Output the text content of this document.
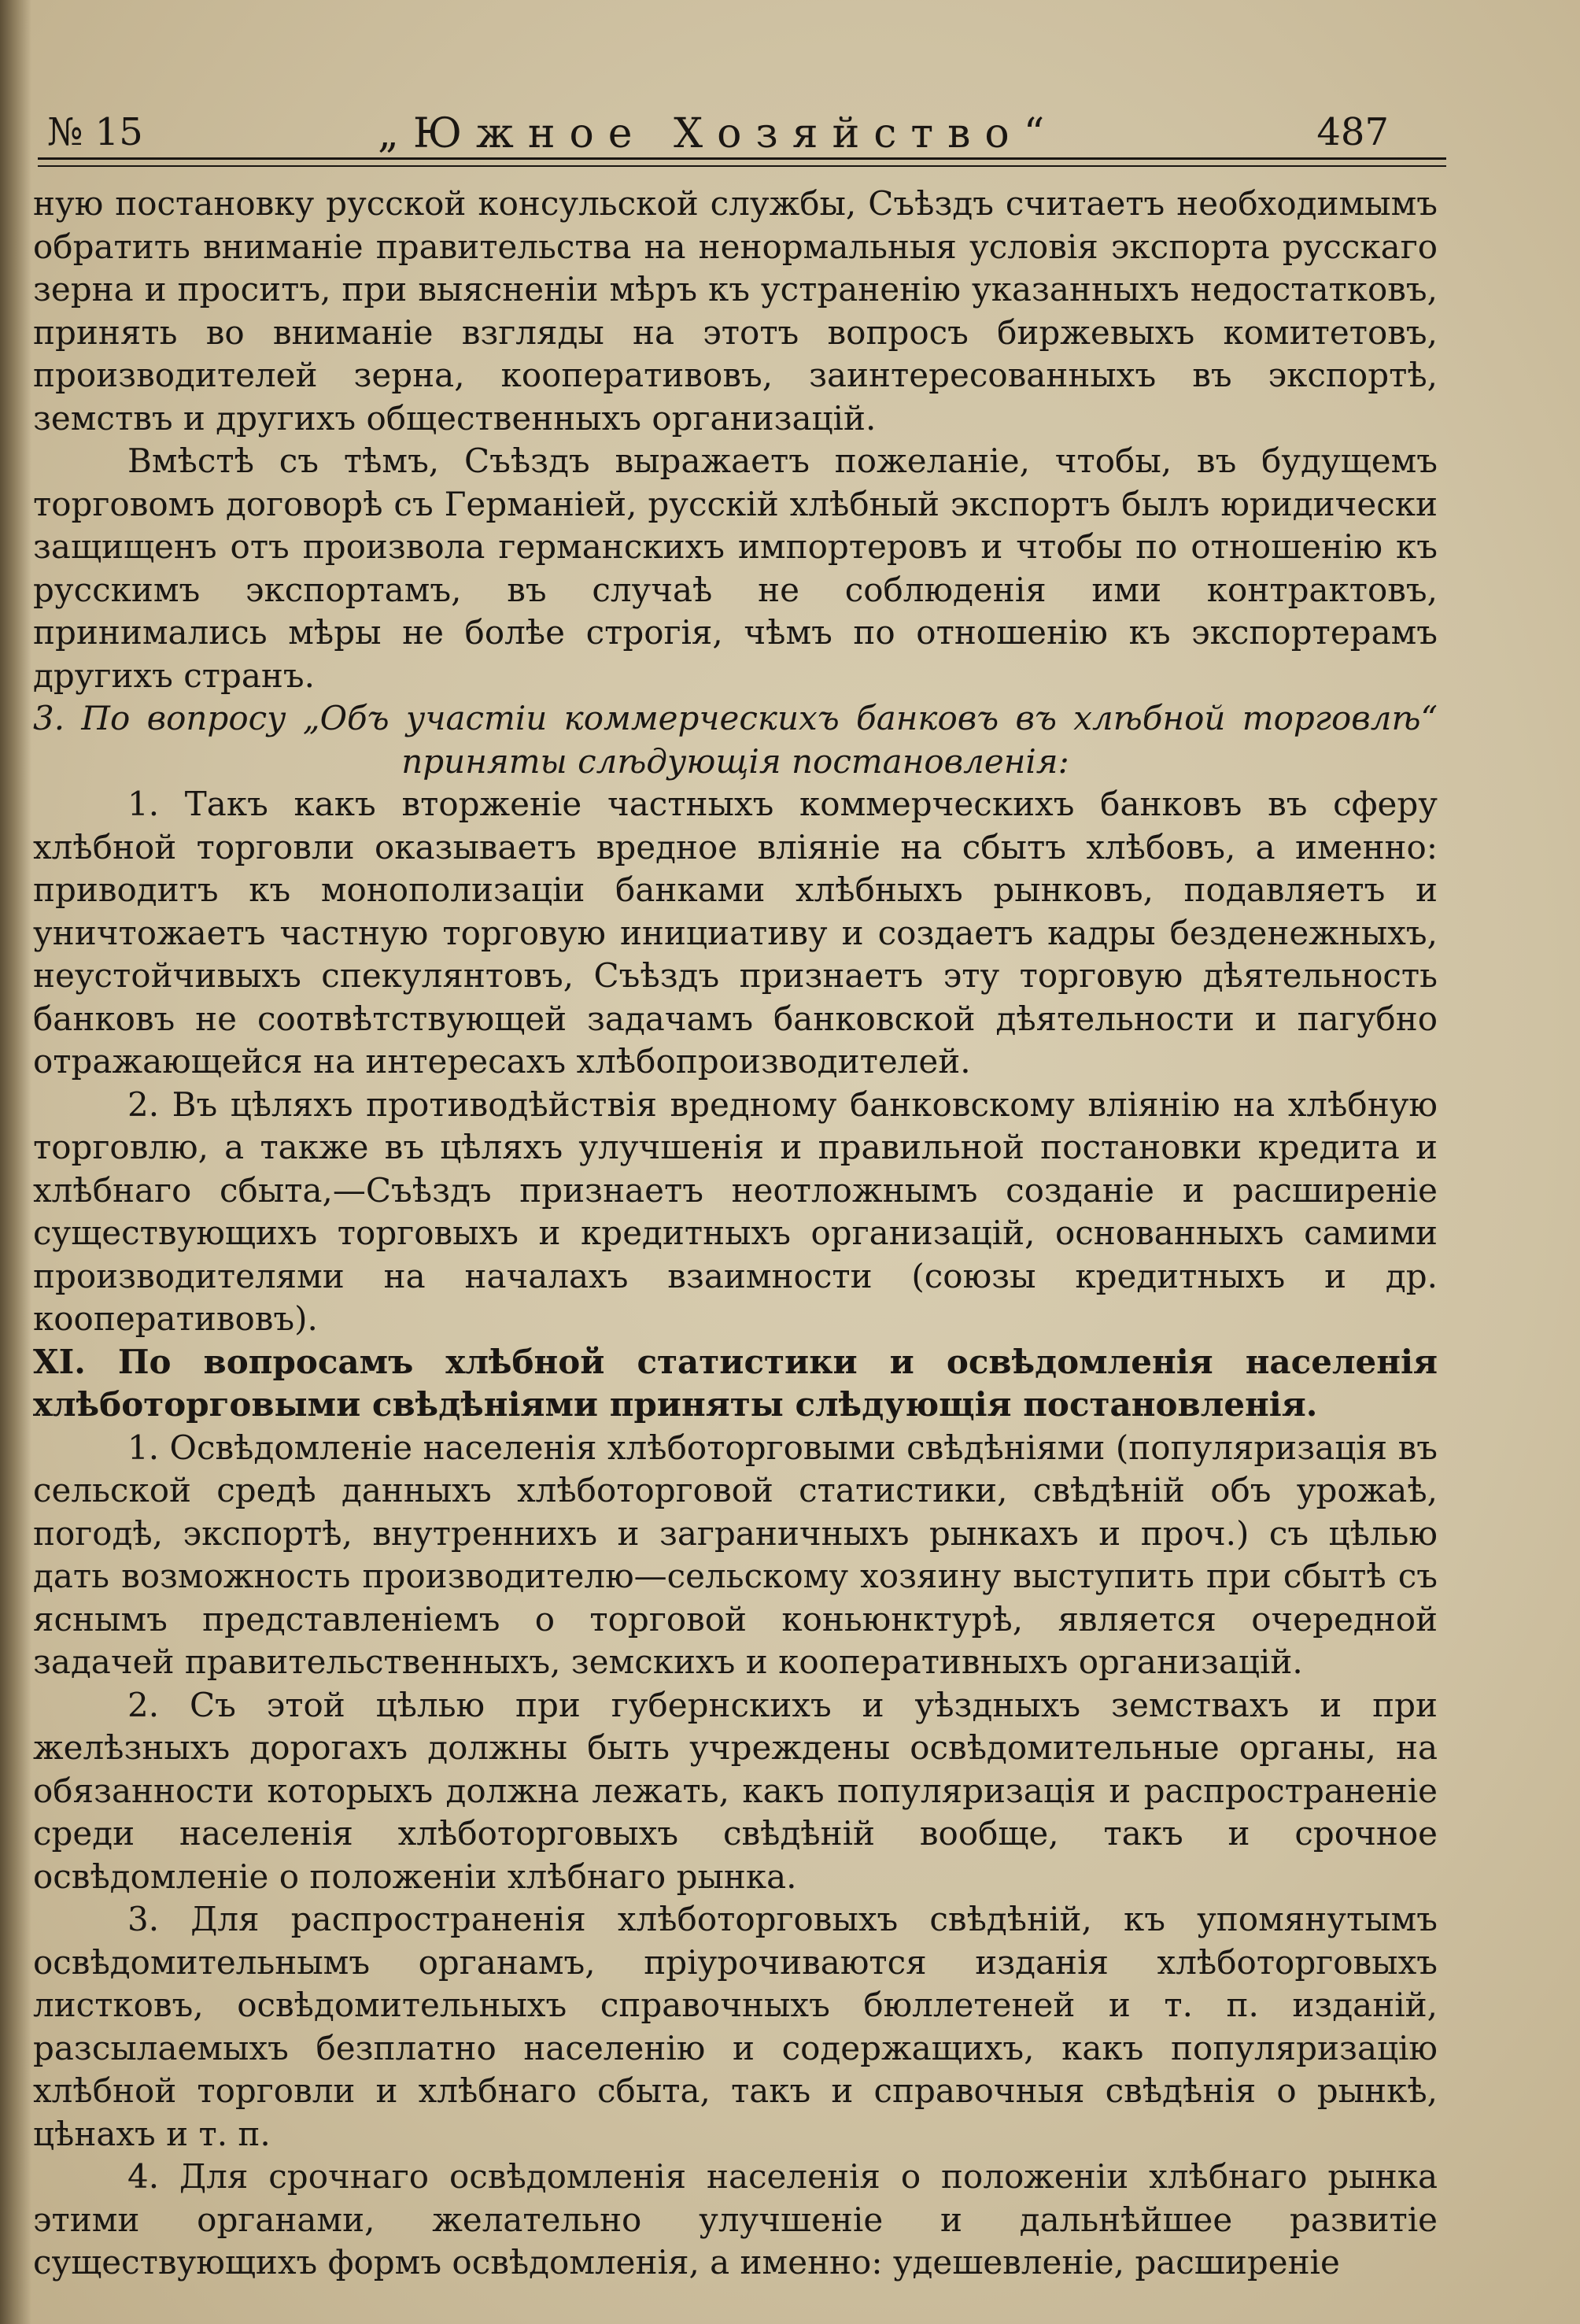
№ 15	„Южное Хозяйство“	487

ную постановку русской консульской службы, Съѣздъ считаетъ необходимымъ обратить вниманіе правительства на ненормальныя условія экспорта русскаго зерна и проситъ, при выясненіи мѣръ къ устраненію указанныхъ недостатковъ, принять во вниманіе взгляды на этотъ вопросъ биржевыхъ комитетовъ, производителей зерна, кооперативовъ, заинтересованныхъ въ экспортѣ, земствъ и другихъ общественныхъ организацій.

Вмѣстѣ съ тѣмъ, Съѣздъ выражаетъ пожеланіе, чтобы, въ будущемъ торговомъ договорѣ съ Германіей, русскій хлѣбный экспортъ былъ юридически защищенъ отъ произвола германскихъ импортеровъ и чтобы по отношенію къ русскимъ экспортамъ, въ случаѣ не соблюденія ими контрактовъ, принимались мѣры не болѣе строгія, чѣмъ по отношенію къ экспортерамъ другихъ странъ.

3. По вопросу „Объ участіи коммерческихъ банковъ въ хлѣбной торговлѣ“ приняты слѣдующія постановленія:

1. Такъ какъ вторженіе частныхъ коммерческихъ банковъ въ сферу хлѣбной торговли оказываетъ вредное вліяніе на сбытъ хлѣбовъ, а именно: приводитъ къ монополизаціи банками хлѣбныхъ рынковъ, подавляетъ и уничтожаетъ частную торговую инициативу и создаетъ кадры безденежныхъ, неустойчивыхъ спекулянтовъ, Съѣздъ признаетъ эту торговую дѣятельность банковъ не соотвѣтствующей задачамъ банковской дѣятельности и пагубно отражающейся на интересахъ хлѣбопроизводителей.

2. Въ цѣляхъ противодѣйствія вредному банковскому вліянію на хлѣбную торговлю, а также въ цѣляхъ улучшенія и правильной постановки кредита и хлѣбнаго сбыта,—Съѣздъ признаетъ неотложнымъ созданіе и расширеніе существующихъ торговыхъ и кредитныхъ организацій, основанныхъ самими производителями на началахъ взаимности (союзы кредитныхъ и др. кооперативовъ).

XI. По вопросамъ хлѣбной статистики и освѣдомленія населенія хлѣботорговыми свѣдѣніями приняты слѣдующія постановленія.

1. Освѣдомленіе населенія хлѣботорговыми свѣдѣніями (популяризація въ сельской средѣ данныхъ хлѣботорговой статистики, свѣдѣній объ урожаѣ, погодѣ, экспортѣ, внутреннихъ и заграничныхъ рынкахъ и проч.) съ цѣлью дать возможность производителю—сельскому хозяину выступить при сбытѣ съ яснымъ представленіемъ о торговой коньюнктурѣ, является очередной задачей правительственныхъ, земскихъ и кооперативныхъ организацій.

2. Съ этой цѣлью при губернскихъ и уѣздныхъ земствахъ и при желѣзныхъ дорогахъ должны быть учреждены освѣдомительные органы, на обязанности которыхъ должна лежать, какъ популяризація и распространеніе среди населенія хлѣботорговыхъ свѣдѣній вообще, такъ и срочное освѣдомленіе о положеніи хлѣбнаго рынка.

3. Для распространенія хлѣботорговыхъ свѣдѣній, къ упомянутымъ освѣдомительнымъ органамъ, пріурочиваются изданія хлѣботорговыхъ листковъ, освѣдомительныхъ справочныхъ бюллетеней и т. п. изданій, разсылаемыхъ безплатно населенію и содержащихъ, какъ популяризацію хлѣбной торговли и хлѣбнаго сбыта, такъ и справочныя свѣдѣнія о рынкѣ, цѣнахъ и т. п.

4. Для срочнаго освѣдомленія населенія о положеніи хлѣбнаго рынка этими органами, желательно улучшеніе и дальнѣйшее развитіе существующихъ формъ освѣдомленія, а именно: удешевленіе, расширеніе
